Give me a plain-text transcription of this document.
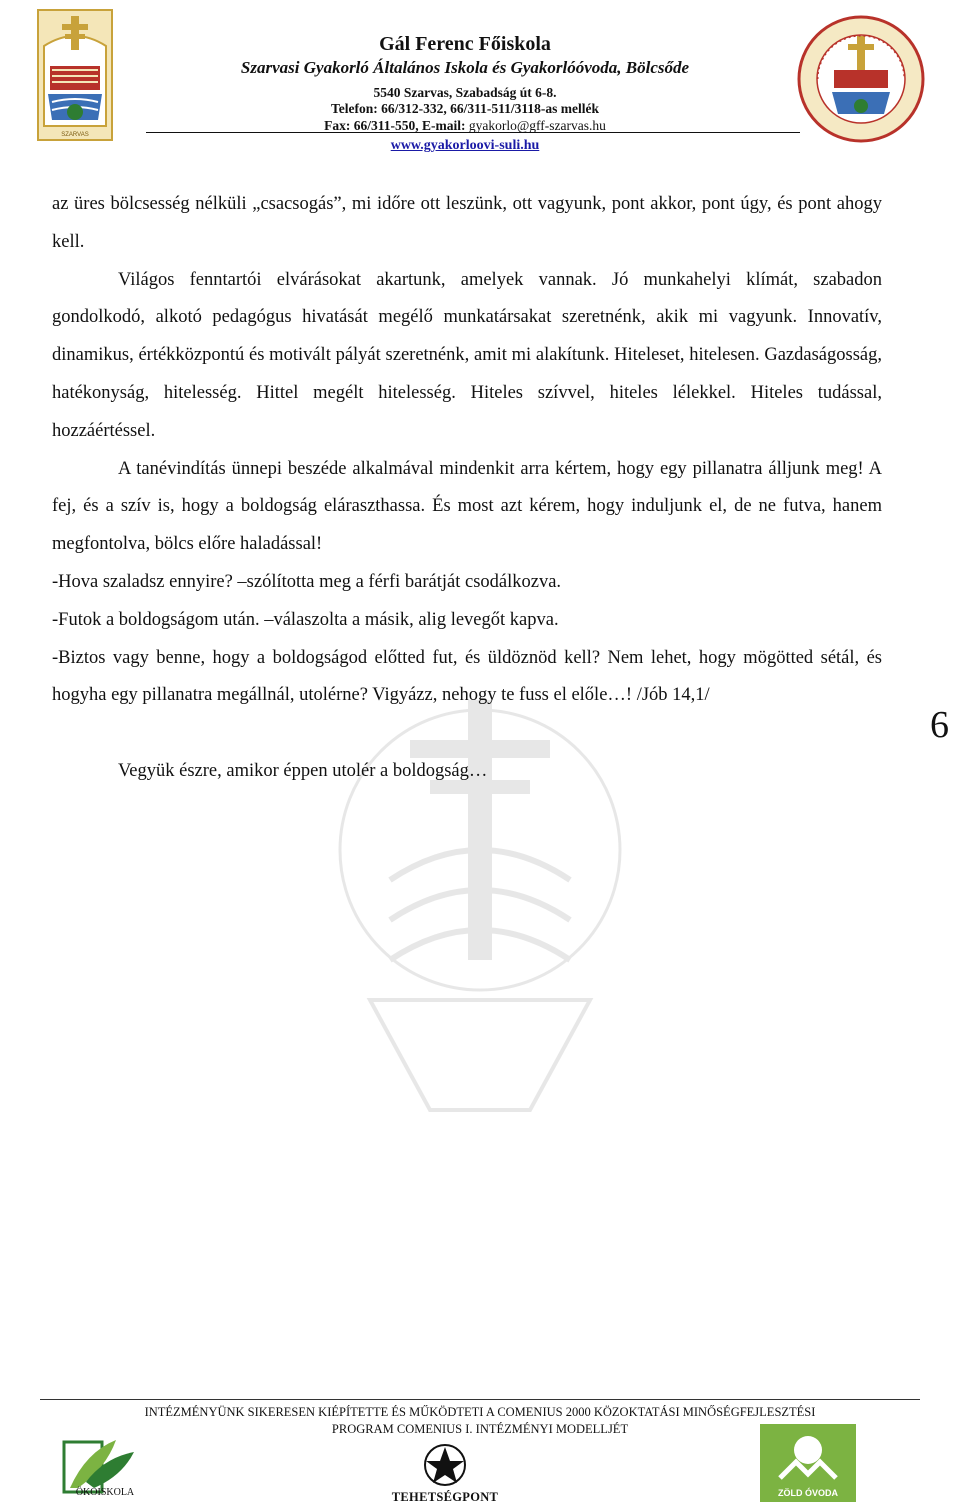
SZARVAS
Gál Ferenc Főiskola
Szarvasi Gyakorló Általános Iskola és Gyakorlóóvoda, Bölcsőde
5540 Szarvas, Szabadság út 6-8.
Telefon: 66/312-332, 66/311-511/3118-as mellék
Fax: 66/311-550, E-mail: gyakorlo@gff-szarvas.hu
www.gyakorloovi-suli.hu

az üres bölcsesség nélküli „csacsogás”, mi időre ott leszünk, ott vagyunk, pont akkor, pont úgy, és pont ahogy kell.

Világos fenntartói elvárásokat akartunk, amelyek vannak. Jó munkahelyi klímát, szabadon gondolkodó, alkotó pedagógus hivatását megélő munkatársakat szeretnénk, akik mi vagyunk. Innovatív, dinamikus, értékközpontú és motivált pályát szeretnénk, amit mi alakítunk. Hiteleset, hitelesen. Gazdaságosság, hatékonyság, hitelesség. Hittel megélt hitelesség. Hiteles szívvel, hiteles lélekkel. Hiteles tudással, hozzáértéssel.

A tanévindítás ünnepi beszéde alkalmával mindenkit arra kértem, hogy egy pillanatra álljunk meg! A fej, és a szív is, hogy a boldogság eláraszthassa. És most azt kérem, hogy induljunk el, de ne futva, hanem megfontolva, bölcs előre haladással!

-Hova szaladsz ennyire? –szólította meg a férfi barátját csodálkozva.
-Futok a boldogságom után. –válaszolta a másik, alig levegőt kapva.

-Biztos vagy benne, hogy a boldogságod előtted fut, és üldöznöd kell? Nem lehet, hogy mögötted sétál, és hogyha egy pillanatra megállnál, utolérne? Vigyázz, nehogy te fuss el előle…! /Jób 14,1/

Vegyük észre, amikor éppen utolér a boldogság…
6
INTÉZMÉNYÜNK SIKERESEN KIÉPÍTETTE ÉS MŰKÖDTETI A COMENIUS 2000 KÖZOKTATÁSI MINŐSÉGFEJLESZTÉSI
PROGRAM COMENIUS I. INTÉZMÉNYI MODELLJÉT
ÖKOISKOLA	TEHETSÉGPONT	ZÖLD ÓVODA
